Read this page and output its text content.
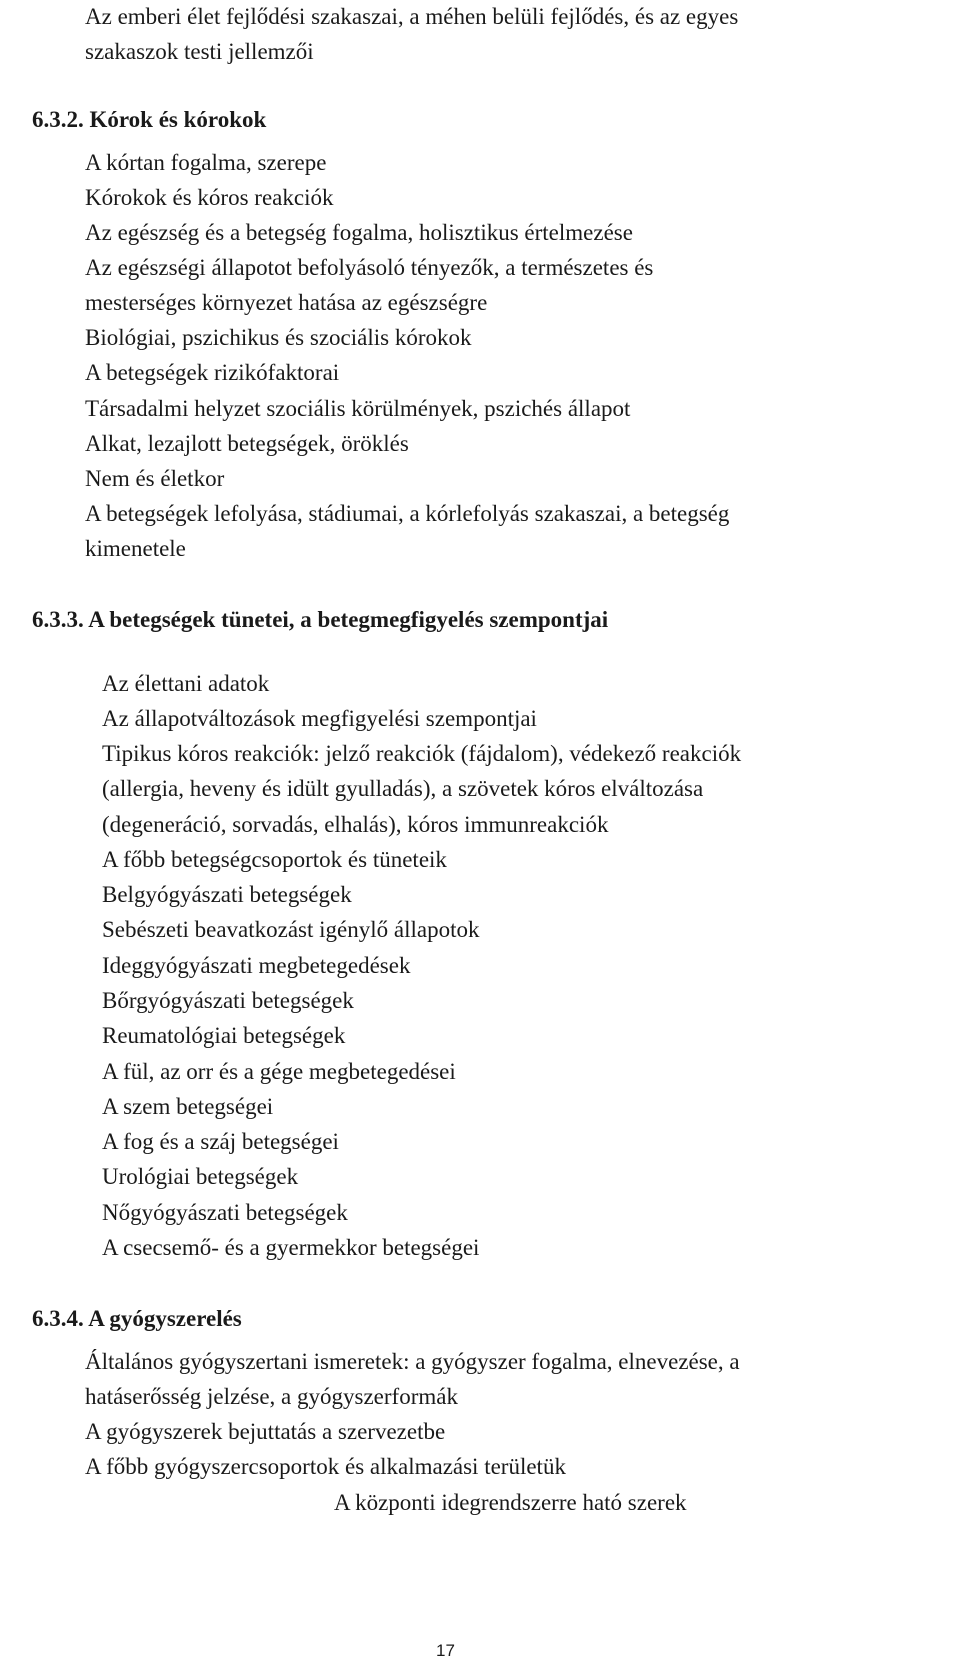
Az emberi élet fejlődési szakaszai, a méhen belüli fejlődés, és az egyes
szakaszok testi jellemzői
6.3.2. Kórok és kórokok
A kórtan fogalma, szerepe
Kórokok és kóros reakciók
Az egészség és a betegség fogalma, holisztikus értelmezése
Az egészségi állapotot befolyásoló tényezők, a természetes és
mesterséges környezet hatása az egészségre
Biológiai, pszichikus és szociális kórokok
A betegségek rizikófaktorai
Társadalmi helyzet szociális körülmények, pszichés állapot
Alkat, lezajlott betegségek, öröklés
Nem és életkor
A betegségek lefolyása, stádiumai, a kórlefolyás szakaszai, a betegség
kimenetele
6.3.3. A betegségek tünetei, a betegmegfigyelés szempontjai
Az élettani adatok
Az állapotváltozások megfigyelési szempontjai
Tipikus kóros reakciók: jelző reakciók (fájdalom), védekező reakciók
(allergia, heveny és idült gyulladás), a szövetek kóros elváltozása
(degeneráció, sorvadás, elhalás), kóros immunreakciók
A főbb betegségcsoportok és tüneteik
Belgyógyászati betegségek
Sebészeti beavatkozást igénylő állapotok
Ideggyógyászati megbetegedések
Bőrgyógyászati betegségek
Reumatológiai betegségek
A fül, az orr és a gége megbetegedései
A szem betegségei
A fog és a száj betegségei
Urológiai betegségek
Nőgyógyászati betegségek
A csecsemő- és a gyermekkor betegségei
6.3.4. A gyógyszerelés
Általános gyógyszertani ismeretek: a gyógyszer fogalma, elnevezése, a
hatáserősség jelzése, a gyógyszerformák
A gyógyszerek bejuttatás a szervezetbe
A főbb gyógyszercsoportok és alkalmazási területük
A központi idegrendszerre ható szerek
17
